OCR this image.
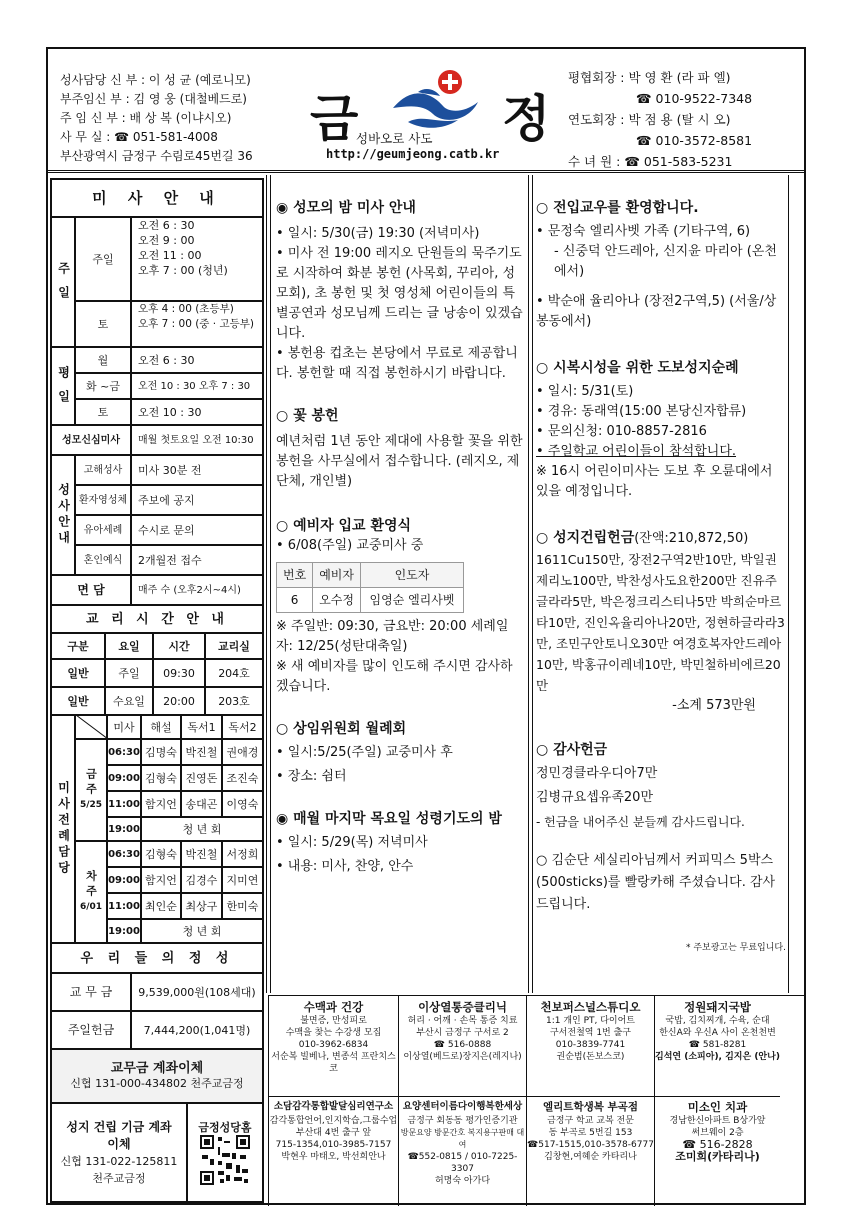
성사담당 신 부 : 이 성 균 (예로니모)
부주임신 부 : 김 영 웅 (대철베드로)
주 임 신 부 : 배 상 복 (이냐시오)
사 무 실 : ☎ 051-581-4008
부산광역시 금정구 수림로45번길 36
금	정
성바오로 사도
http://geumjeong.catb.kr
평협회장 : 박 영 환 (라 파 엘)
☎ 010-9522-7348
연도회장 : 박 점 용 (탈 시 오)
☎ 010-3572-8581
수 녀 원 : ☎ 051-583-5231
미 사 안 내
주 일
주일
오전 6 : 30
오전 9 : 00
오전 11 : 00
오후 7 : 00 (청년)
토
오후 4 : 00 (초등부)
오후 7 : 00 (중 · 고등부)
평 일
월	오전 6 : 30
화 ~금	오전 10 : 30 오후 7 : 30
토	오전 10 : 30
성모신심미사	매월 첫토요일 오전 10:30
성사안내
고해성사	미사 30분 전
환자영성체 주보에 공지
유아세례	수시로 문의
혼인예식	2개월전 접수
면 담	매주 수 (오후2시~4시)
교 리 시 간 안 내
구분	요일	시간	교리실
일반	주일	09:30	204호
일반	수요일	20:00	203호
미사전례담당
미사	해설	독서1	독서2
금주
5/25
06:30 김명숙 박진철 권애경
09:00 김형숙 진영돈 조진숙
11:00 함지언 송대곤 이영숙
19:00	청 년 회
차주
6/01
06:30 김형숙 박진철 서정희
09:00 함지언 김경수 지미연
11:00 최인순 최상구 한미숙
19:00	청 년 회
우 리 들 의 정 성
교 무 금	9,539,000원(108세대)
주일헌금	7,444,200(1,041명)
교무금 계좌이체
신협 131-000-434802 천주교금정
성지 건립 기금 계좌이체
신협 131-022-125811
천주교금정
금정성당홈

◉ 성모의 밤 미사 안내

• 일시: 5/30(금) 19:30 (저녁미사)

• 미사 전 19:00 레지오 단원들의 묵주기도로 시작하여 화분 봉헌 (사목회, 꾸리아, 성모회), 초 봉헌 및 첫 영성체 어린이들의 특별공연과 성모님께 드리는 글 낭송이 있겠습니다.

• 봉헌용 컵초는 본당에서 무료로 제공합니다. 봉헌할 때 직접 봉헌하시기 바랍니다.

○ 꽃 봉헌

예년처럼 1년 동안 제대에 사용할 꽃을 위한 봉헌을 사무실에서 접수합니다. (레지오, 제단체, 개인별)

○ 예비자 입교 환영식

• 6/08(주일) 교중미사 중

번호	예비자	인도자
6	오수정	임영순 엘리사벳

※ 주일반: 09:30, 금요반: 20:00 세례일자: 12/25(성탄대축일)

※ 새 예비자를 많이 인도해 주시면 감사하겠습니다.

○ 상임위원회 월례회

• 일시:5/25(주일) 교중미사 후

• 장소: 쉼터

◉ 매월 마지막 목요일 성령기도의 밤

• 일시: 5/29(목) 저녁미사

• 내용: 미사, 찬양, 안수

○ 전입교우를 환영합니다.

• 문정숙 엘리사벳 가족 (기타구역, 6)

- 신중덕 안드레아, 신지윤 마리아 (온천에서)

• 박순애 율리아나 (장전2구역,5) (서울/상봉동에서)

○ 시복시성을 위한 도보성지순례

• 일시: 5/31(토)

• 경유: 동래역(15:00 본당신자합류)

• 문의신청: 010-8857-2816

• 주일학교 어린이들이 참석합니다.

※ 16시 어린이미사는 도보 후 오륜대에서 있을 예정입니다.

○ 성지건립헌금(잔액:210,872,50)

1611Cu150만, 장전2구역2반10만, 박일권제리노100만, 박찬성사도요한200만 진유주글라라5만, 박은정크리스티나5만 박희순마르타10만, 진인옥율리아나20만, 정현하글라라3만, 조민구안토니오30만 여경호복자안드레아10만, 박홍규이레네10만, 박민철하비에르20만

-소계 573만원

○ 감사헌금

정민경클라우디아7만

김병규요셉유족20만

- 헌금을 내어주신 분들께 감사드립니다.

○ 김순단 세실리아님께서 커피믹스 5박스(500sticks)를 빨랑카해 주셨습니다. 감사드립니다.

* 주보광고는 무료입니다.

수맥과 건강
불면증, 만성피로
수맥을 찾는 수강생 모집
010-3962-6834
서순복 빌베나, 변종석 프란치스코
이상열통증클리닉
허리 · 어깨 · 손목 통증 치료
부산시 금정구 구서로 2
☎ 516-0888
이상열(베드로)장지은(레지나)
천보퍼스널스튜디오
1:1 개인 PT, 다이어트
구서전철역 1번 출구
010-3839-7741
권순범(돈보스코)
정원돼지국밥
국밥, 김치찌개, 수육, 순대
한신A와 우신A 사이 온천천변
☎ 581-8281
김석연 (소피아), 김지은 (안나)
소담감각통합발달심리연구소
감각통합언어,인지학습,그룹수업
부산대 4번 출구 앞
715-1354,010-3985-7157
박현우 마태오, 박선희안나
요양센터이름다이행복한세상
금정구 회동동 평가인증기관
방문요양 방문간호 복지용구판매 대여
☎552-0815 / 010-7225-3307
허명숙 아가다
엘리트학생복 부곡점
금정구 학교 교복 전문
동 부곡로 5번길 153
☎517-1515,010-3578-6777
김창현,여혜순 카타리나
미소인 치과
경남한신아파트 B상가앞
써브웨이 2층
☎ 516-2828
조미희(카타리나)
